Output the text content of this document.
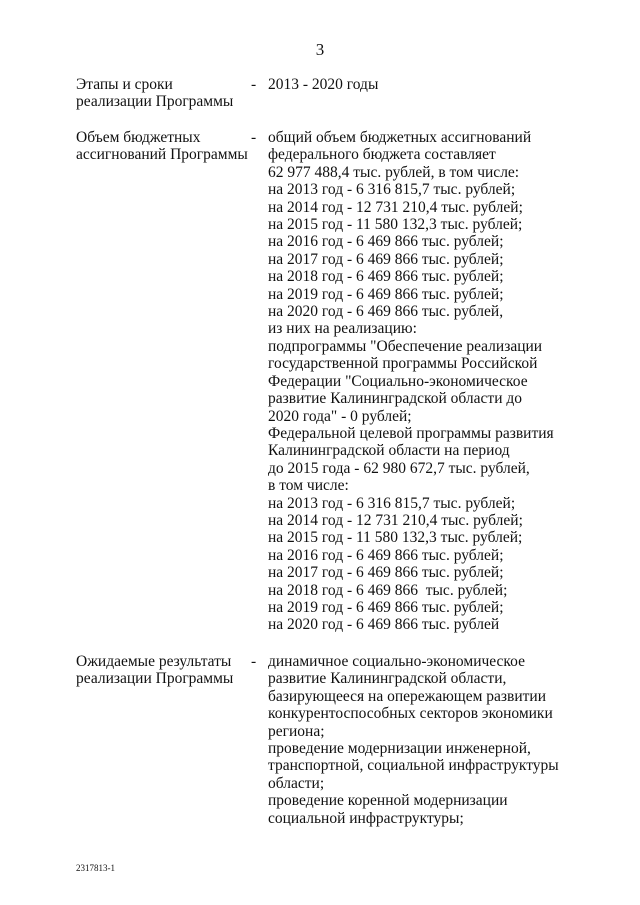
3
Этапы и сроки
реализации Программы
- 2013 - 2020 годы
Объем бюджетных
ассигнований Программы
- общий объем бюджетных ассигнований
федерального бюджета составляет
62 977 488,4 тыс. рублей, в том числе:
на 2013 год - 6 316 815,7 тыс. рублей;
на 2014 год - 12 731 210,4 тыс. рублей;
на 2015 год - 11 580 132,3 тыс. рублей;
на 2016 год - 6 469 866 тыс. рублей;
на 2017 год - 6 469 866 тыс. рублей;
на 2018 год - 6 469 866 тыс. рублей;
на 2019 год - 6 469 866 тыс. рублей;
на 2020 год - 6 469 866 тыс. рублей,
из них на реализацию:
подпрограммы "Обеспечение реализации
государственной программы Российской
Федерации "Социально-экономическое
развитие Калининградской области до
2020 года" - 0 рублей;
Федеральной целевой программы развития
Калининградской области на период
до 2015 года - 62 980 672,7 тыс. рублей,
в том числе:
на 2013 год - 6 316 815,7 тыс. рублей;
на 2014 год - 12 731 210,4 тыс. рублей;
на 2015 год - 11 580 132,3 тыс. рублей;
на 2016 год - 6 469 866 тыс. рублей;
на 2017 год - 6 469 866 тыс. рублей;
на 2018 год - 6 469 866  тыс. рублей;
на 2019 год - 6 469 866 тыс. рублей;
на 2020 год - 6 469 866 тыс. рублей
Ожидаемые результаты
реализации Программы
- динамичное социально-экономическое
развитие Калининградской области,
базирующееся на опережающем развитии
конкурентоспособных секторов экономики
региона;
проведение модернизации инженерной,
транспортной, социальной инфраструктуры
области;
проведение коренной модернизации
социальной инфраструктуры;
2317813-1
